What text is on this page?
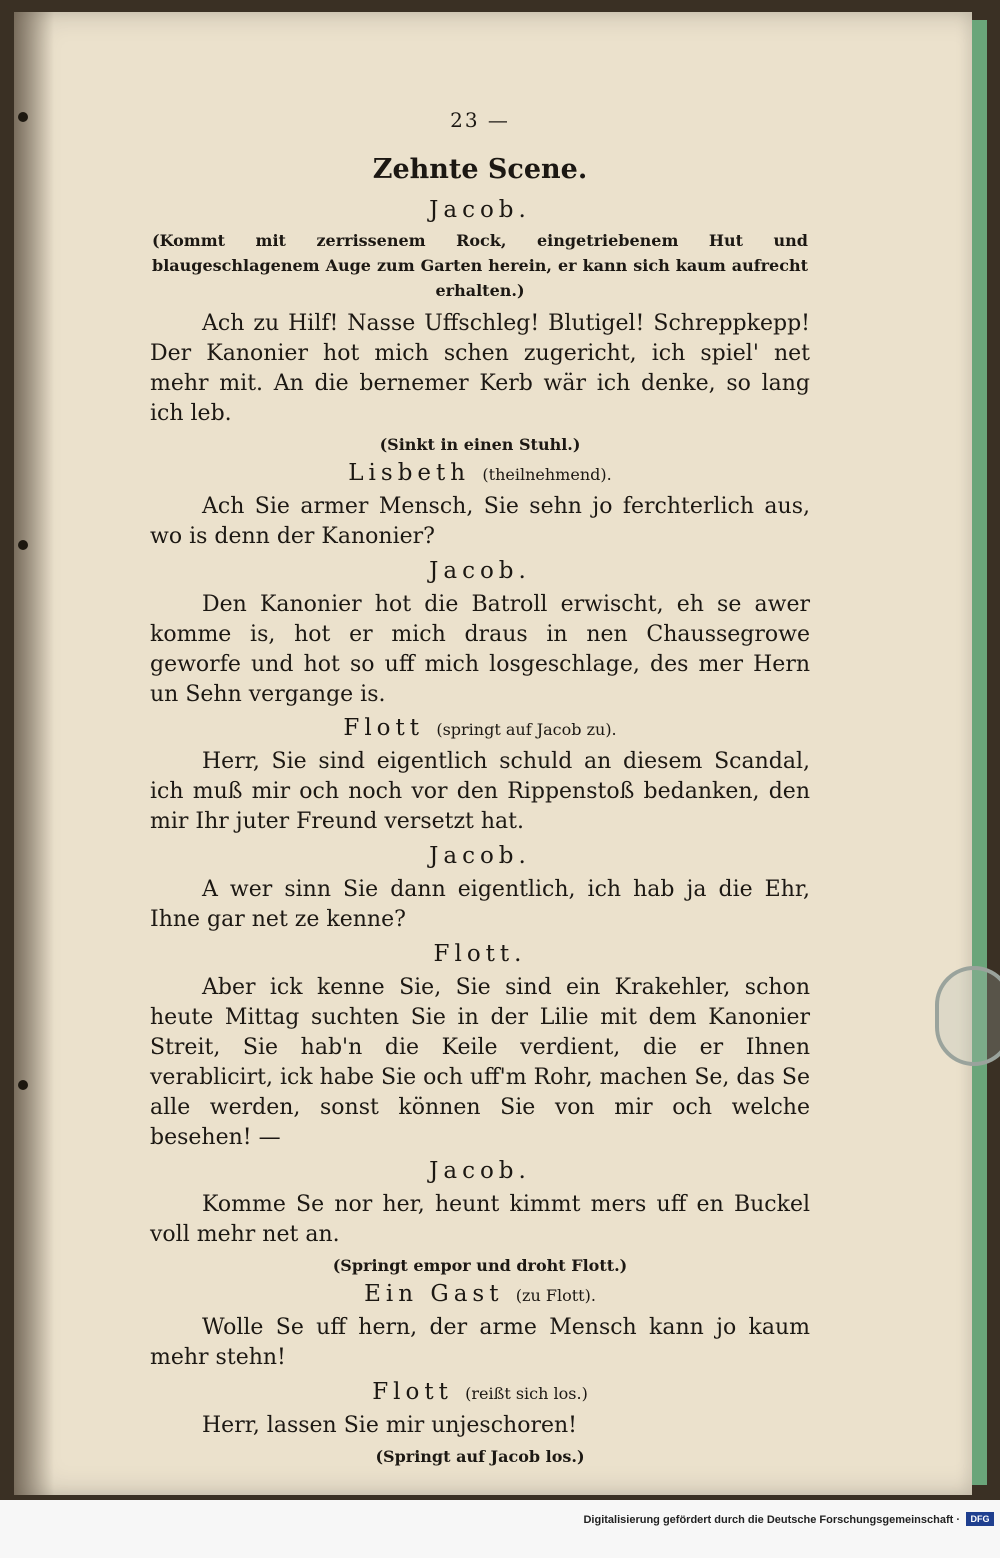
23 —
Zehnte Scene.
Jacob.
(Kommt mit zerrissenem Rock, eingetriebenem Hut und blaugeschlagenem Auge zum Garten herein, er kann sich kaum aufrecht erhalten.)
Ach zu Hilf! Nasse Uffschleg! Blutigel! Schreppkepp! Der Kanonier hot mich schen zugericht, ich spiel' net mehr mit. An die bernemer Kerb wär ich denke, so lang ich leb.
(Sinkt in einen Stuhl.)
Lisbeth (theilnehmend).
Ach Sie armer Mensch, Sie sehn jo ferchterlich aus, wo is denn der Kanonier?
Jacob.
Den Kanonier hot die Batroll erwischt, eh se awer komme is, hot er mich draus in nen Chaussegrowe geworfe und hot so uff mich losgeschlage, des mer Hern un Sehn vergange is.
Flott (springt auf Jacob zu).
Herr, Sie sind eigentlich schuld an diesem Scandal, ich muß mir och noch vor den Rippenstoß bedanken, den mir Ihr juter Freund versetzt hat.
Jacob.
A wer sinn Sie dann eigentlich, ich hab ja die Ehr, Ihne gar net ze kenne?
Flott.
Aber ick kenne Sie, Sie sind ein Krakehler, schon heute Mittag suchten Sie in der Lilie mit dem Kanonier Streit, Sie hab'n die Keile verdient, die er Ihnen verablicirt, ick habe Sie och uff'm Rohr, machen Se, das Se alle werden, sonst können Sie von mir och welche besehen! —
Jacob.
Komme Se nor her, heunt kimmt mers uff en Buckel voll mehr net an.
(Springt empor und droht Flott.)
Ein Gast (zu Flott).
Wolle Se uff hern, der arme Mensch kann jo kaum mehr stehn!
Flott (reißt sich los.)
Herr, lassen Sie mir unjeschoren!
(Springt auf Jacob los.)
Digitalisierung gefördert durch die Deutsche Forschungsgemeinschaft ·	DFG
